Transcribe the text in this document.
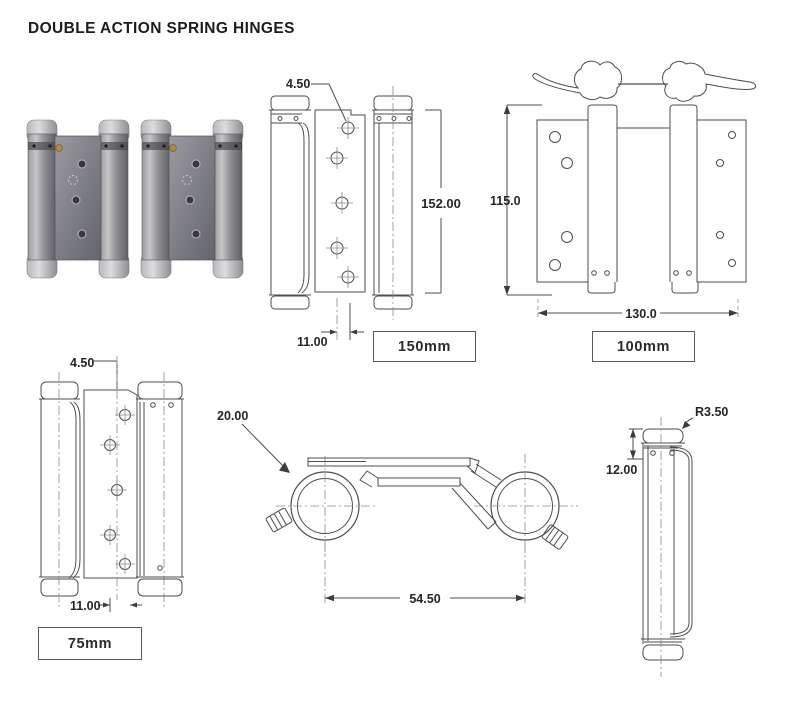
DOUBLE ACTION SPRING HINGES
152.00
4.50
11.00	150mm
115.0
130.0
100mm
4.50
11.00
75mm
20.00
54.50
R3.50
12.00
